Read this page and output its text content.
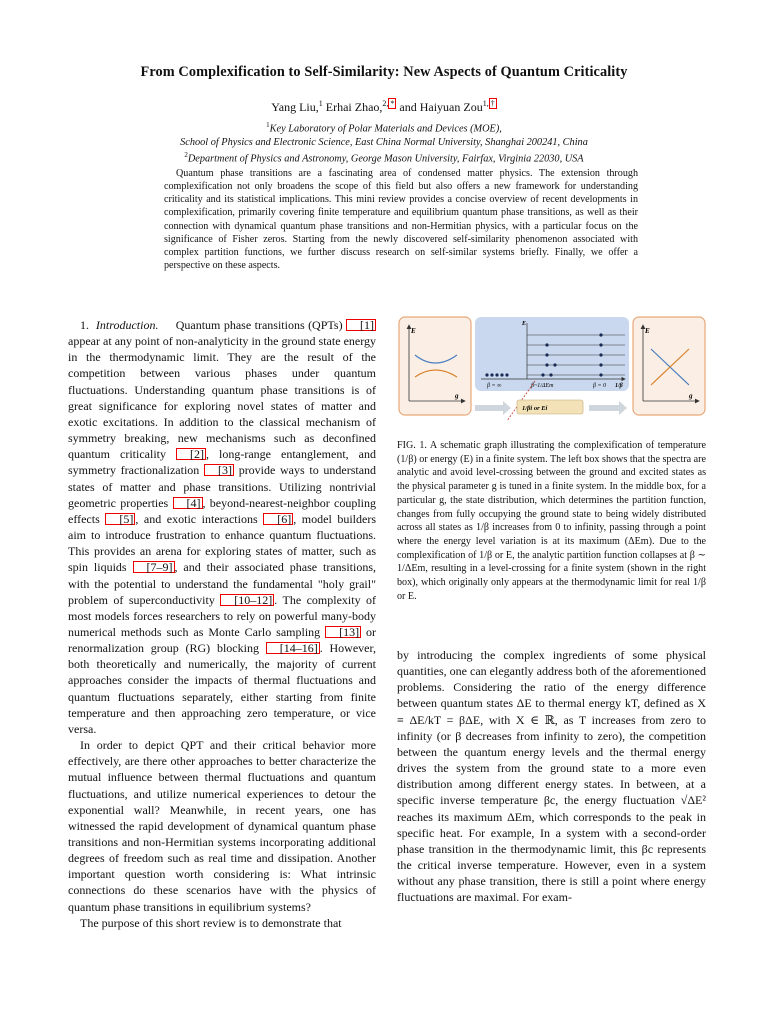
From Complexification to Self-Similarity: New Aspects of Quantum Criticality
Yang Liu,$^1$ Erhai Zhao,$^{2,}$ * and Haiyuan Zou$^{1,}$ †
$^1$Key Laboratory of Polar Materials and Devices (MOE),
School of Physics and Electronic Science, East China Normal University, Shanghai 200241, China
$^2$Department of Physics and Astronomy, George Mason University, Fairfax, Virginia 22030, USA
Quantum phase transitions are a fascinating area of condensed matter physics. The extension through complexification not only broadens the scope of this field but also offers a new framework for understanding criticality and its statistical implications. This mini review provides a concise overview of recent developments in complexification, primarily covering finite temperature and equilibrium quantum phase transitions, as well as their connection with dynamical quantum phase transitions and non-Hermitian physics, with a particular focus on the significance of Fisher zeros. Starting from the newly discovered self-similarity phenomenon associated with complex partition functions, we further discuss research on self-similar systems briefly. Finally, we offer a perspective on these aspects.

1. Introduction. Quantum phase transitions (QPTs) [1] appear at any point of non-analyticity in the ground state energy in the thermodynamic limit. They are the result of the competition between various phases under quantum fluctuations. Understanding quantum phase transitions is of great significance for exploring novel states of matter and exotic excitations. In addition to the classical mechanism of symmetry breaking, new mechanisms such as deconfined quantum criticality [2] , long-range entanglement, and symmetry fractionalization [3] provide ways to understand states of matter and phase transitions. Utilizing nontrivial geometric properties [4] , beyond-nearest-neighbor coupling effects [5] , and exotic interactions [6] , model builders aim to introduce frustration to enhance quantum fluctuations. This provides an arena for exploring states of matter, such as spin liquids [7–9] , and their associated phase transitions, with the potential to understand the fundamental "holy grail" problem of superconductivity [10–12] . The complexity of most models forces researchers to rely on powerful many-body numerical methods such as Monte Carlo sampling [13] or renormalization group (RG) blocking [14–16] . However, both theoretically and numerically, the majority of current approaches consider the impacts of thermal fluctuations and quantum fluctuations separately, either starting from finite temperature and then approaching zero temperature, or vice versa.

In order to depict QPT and their critical behavior more effectively, are there other approaches to better characterize the mutual influence between thermal fluctuations and quantum fluctuations, and utilize numerical experiences to detour the exponential wall? Meanwhile, in recent years, one has witnessed the rapid development of dynamical quantum phase transitions and non-Hermitian systems incorporating additional degrees of freedom such as real time and dissipation. Another important question worth considering is: What intrinsic connections do these scenarios have with the physics of quantum phase transitions in equilibrium systems?

The purpose of this short review is to demonstrate that

E
g
E
β = ∞	β~1/ΔEm	β = 0 1/β
1/βi or Ei
E
g
FIG. 1. A schematic graph illustrating the complexification of temperature (1/β) or energy (E) in a finite system. The left box shows that the spectra are analytic and avoid level-crossing between the ground and excited states as the physical parameter g is tuned in a finite system. In the middle box, for a particular g, the state distribution, which determines the partition function, changes from fully occupying the ground state to being widely distributed across all states as 1/β increases from 0 to infinity, passing through a point where the energy level variation is at its maximum (ΔEm). Due to the complexification of 1/β or E, the analytic partition function collapses at β ∼ 1/ΔEm, resulting in a level-crossing for a finite system (shown in the right box), which originally only appears at the thermodynamic limit for real 1/β or E.

by introducing the complex ingredients of some physical quantities, one can elegantly address both of the aforementioned problems. Considering the ratio of the energy difference between quantum states ΔE to thermal energy kT, defined as X ≡ ΔE/kT = βΔE, with X ∈ ℝ, as T increases from zero to infinity (or β decreases from infinity to zero), the competition between the quantum energy levels and the thermal energy drives the system from the ground state to a more even distribution among different energy states. In between, at a specific inverse temperature βc, the energy fluctuation √ΔE² reaches its maximum ΔEm, which corresponds to the peak in specific heat. For example, In a system with a second-order phase transition in the thermodynamic limit, this βc represents the critical inverse temperature. However, even in a system without any phase transition, there is still a point where energy fluctuations are maximal. For exam-
